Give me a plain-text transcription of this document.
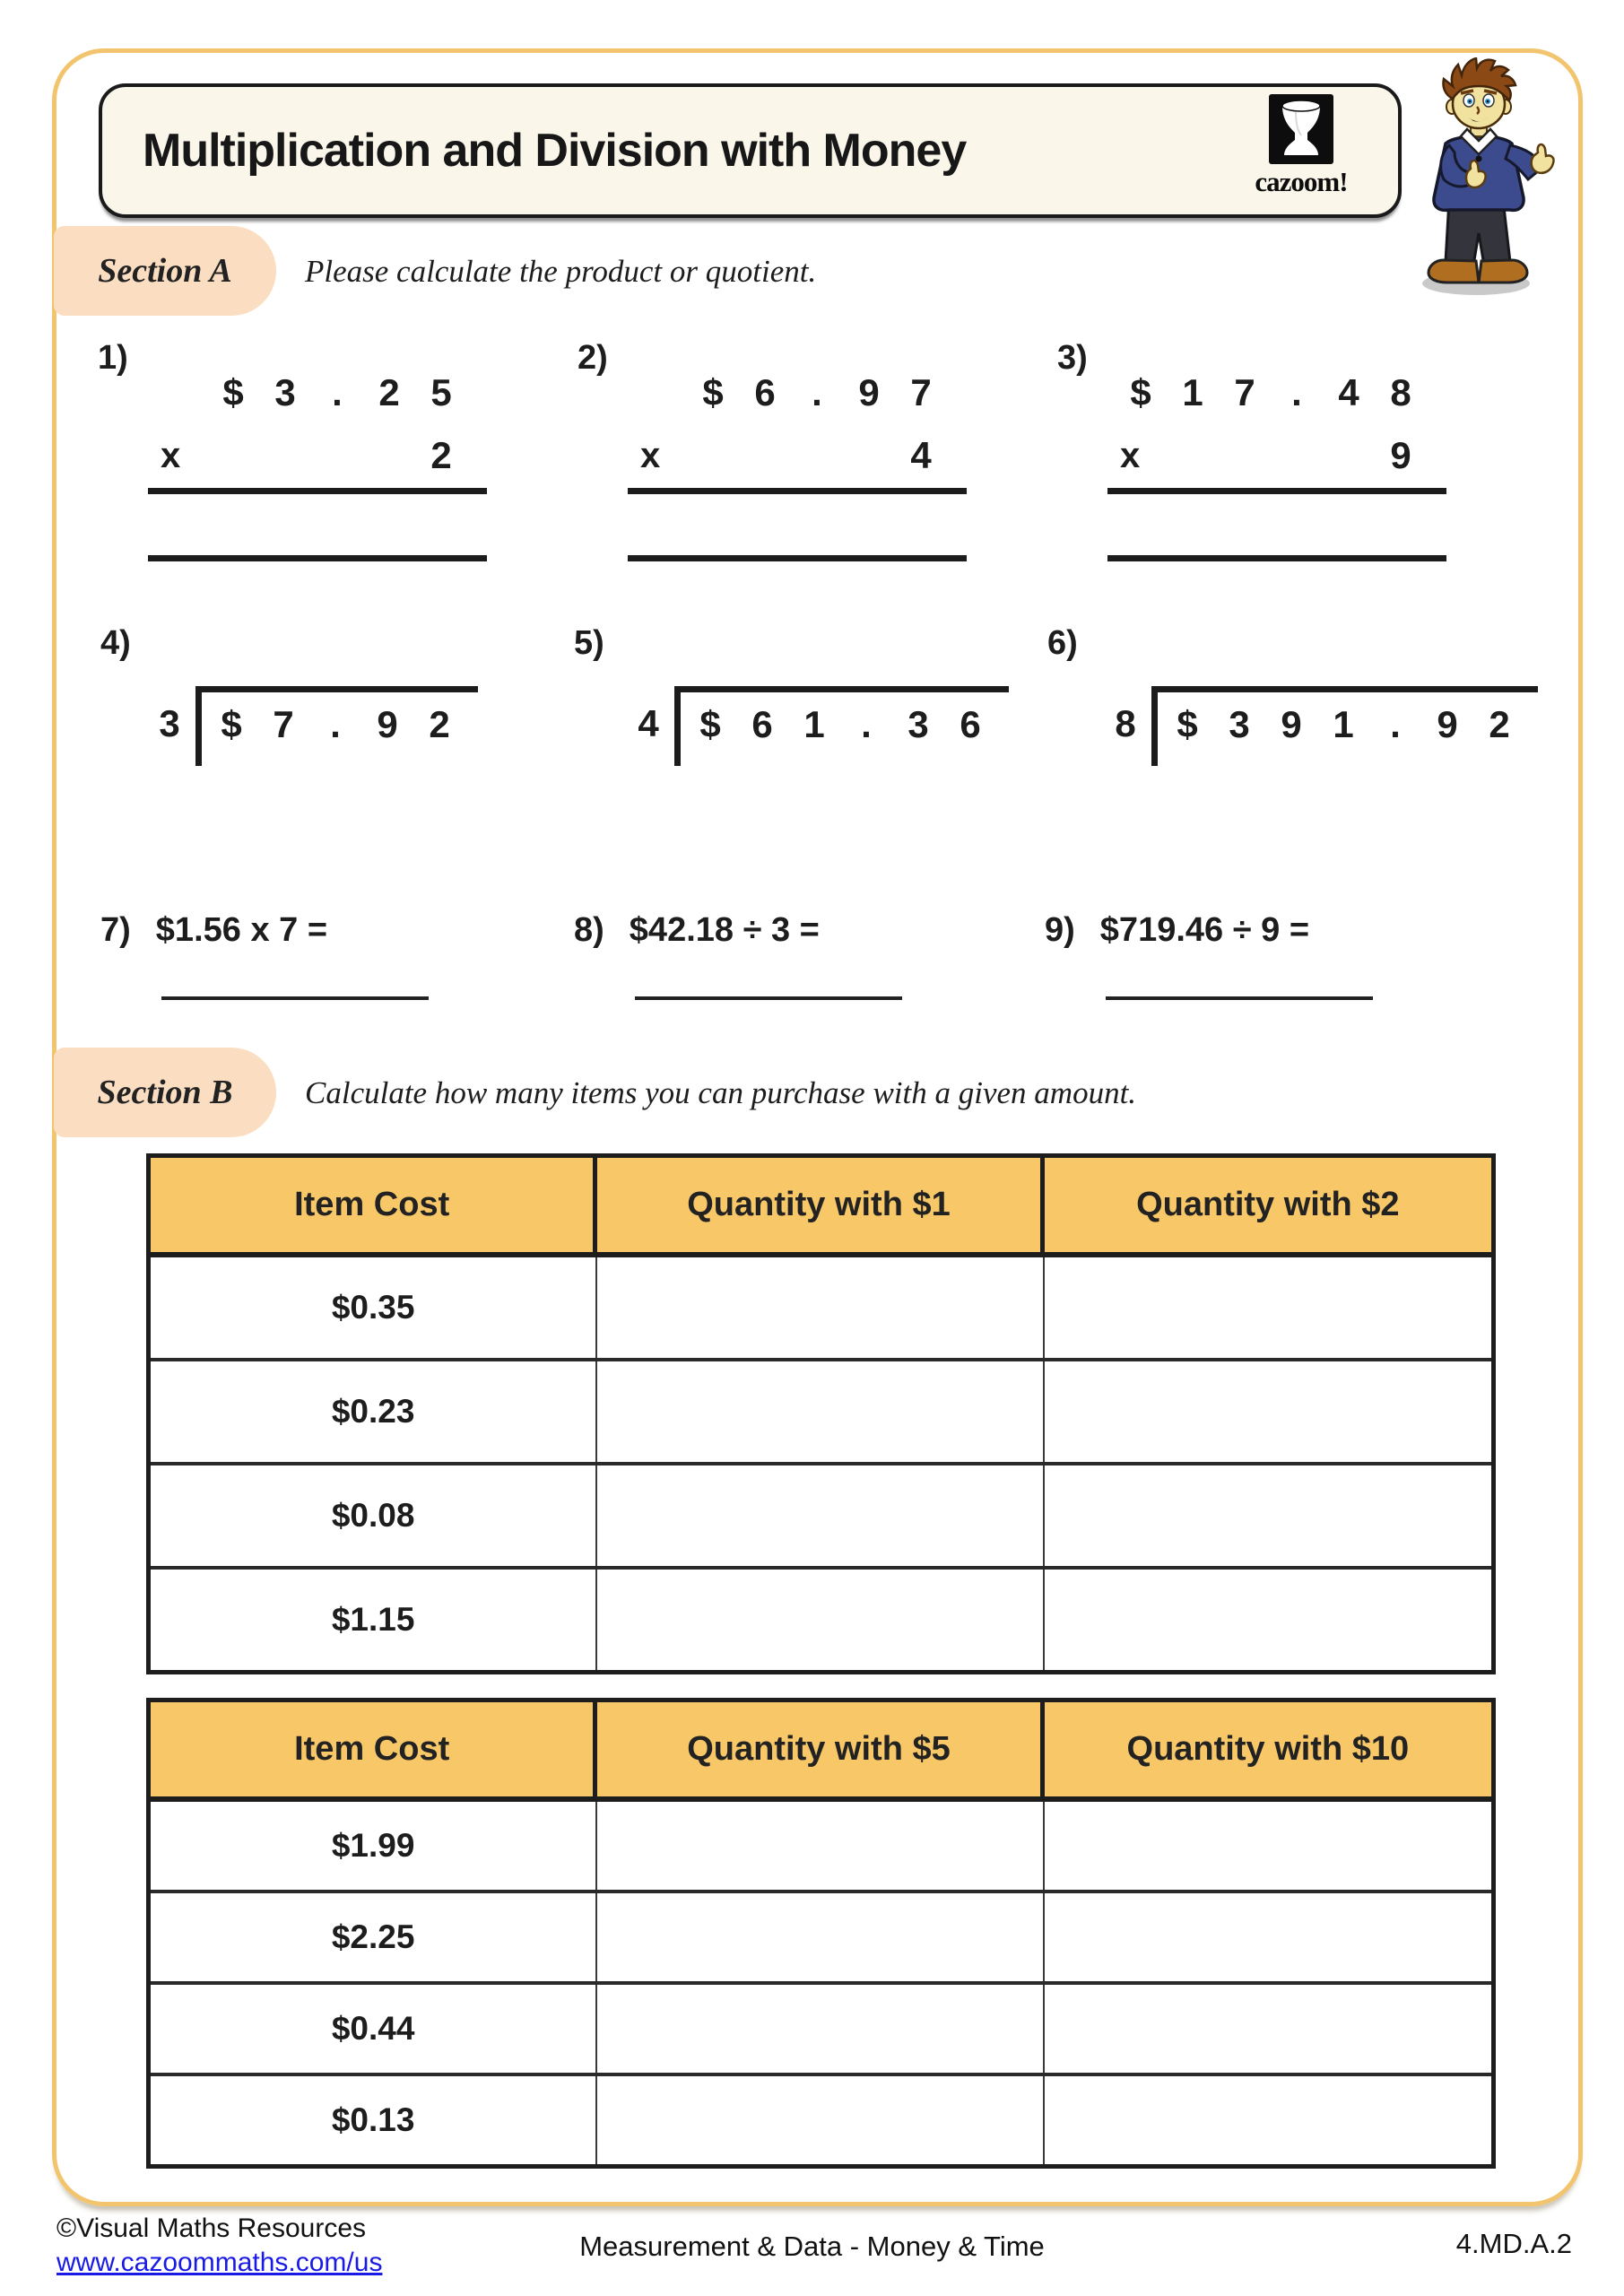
Multiplication and Division with Money
cazoom!
Section A Please calculate the product or quotient.
1)
$ 3 . 2 5
x	2
2)
$ 6 . 9 7
x	4
3)
$ 1 7 . 4 8
x	9
4)
3	$ 7 . 9 2
5)
4	$ 6 1 . 3 6
6)
8	$ 3 9 1 . 9 2
7) $1.56 x 7 =	8) $42.18 ÷ 3 =	9) $719.46 ÷ 9 =
Section B Calculate how many items you can purchase with a given amount.
Item Cost	Quantity with $1	Quantity with $2
$0.35
$0.23
$0.08
$1.15
Item Cost	Quantity with $5	Quantity with $10
$1.99
$2.25
$0.44
$0.13
©Visual Maths Resources
www.cazoommaths.com/us
Measurement & Data - Money & Time	4.MD.A.2
